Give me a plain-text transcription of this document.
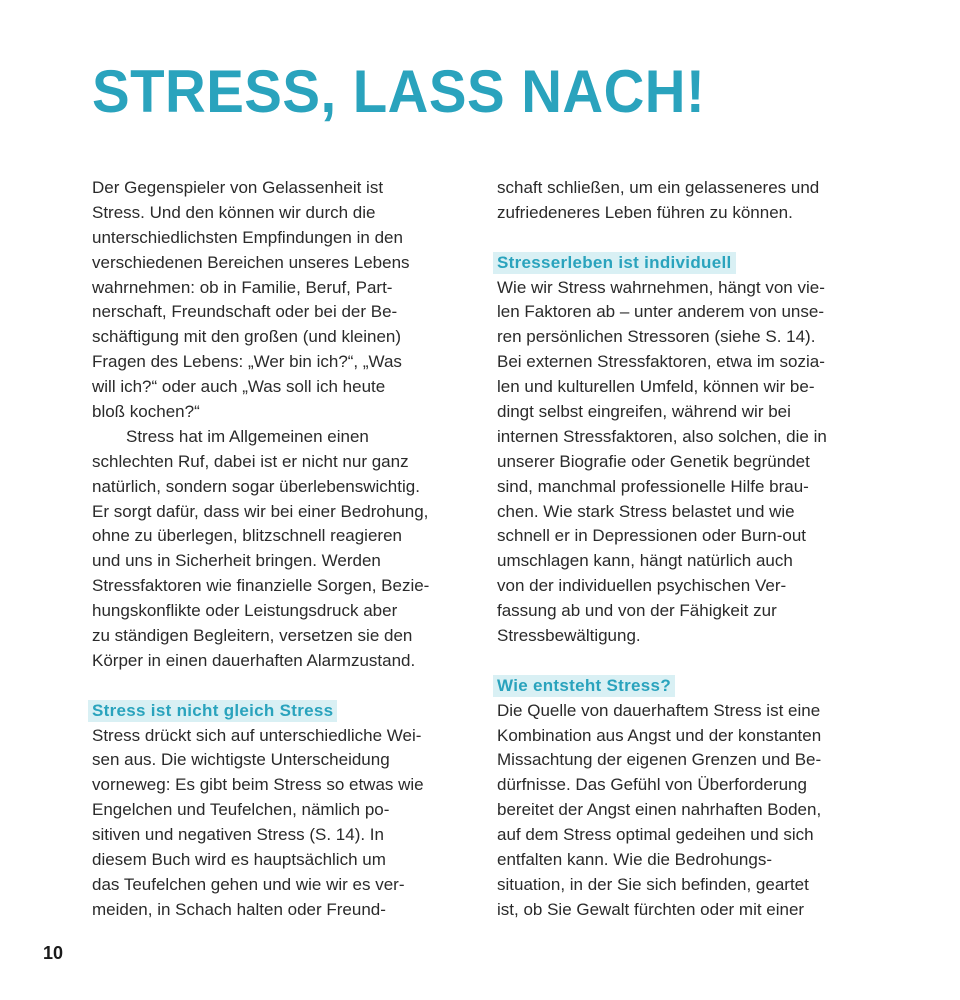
STRESS, LASS NACH!
Der Gegenspieler von Gelassenheit ist
Stress. Und den können wir durch die
unterschiedlichsten Empfindungen in den
verschiedenen Bereichen unseres Lebens
wahrnehmen: ob in Familie, Beruf, Part-
nerschaft, Freundschaft oder bei der Be-
schäftigung mit den großen (und kleinen)
Fragen des Lebens: „Wer bin ich?“, „Was
will ich?“ oder auch „Was soll ich heute
bloß kochen?“
Stress hat im Allgemeinen einen
schlechten Ruf, dabei ist er nicht nur ganz
natürlich, sondern sogar überlebenswichtig.
Er sorgt dafür, dass wir bei einer Bedrohung,
ohne zu überlegen, blitzschnell reagieren
und uns in Sicherheit bringen. Werden
Stressfaktoren wie finanzielle Sorgen, Bezie-
hungskonflikte oder Leistungsdruck aber
zu ständigen Begleitern, versetzen sie den
Körper in einen dauerhaften Alarmzustand.
Stress ist nicht gleich Stress
Stress drückt sich auf unterschiedliche Wei-
sen aus. Die wichtigste Unterscheidung
vorneweg: Es gibt beim Stress so etwas wie
Engelchen und Teufelchen, nämlich po-
sitiven und negativen Stress (S. 14). In
diesem Buch wird es hauptsächlich um
das Teufelchen gehen und wie wir es ver-
meiden, in Schach halten oder Freund-
schaft schließen, um ein gelasseneres und
zufriedeneres Leben führen zu können.
Stresserleben ist individuell
Wie wir Stress wahrnehmen, hängt von vie-
len Faktoren ab – unter anderem von unse-
ren persönlichen Stressoren (siehe S. 14).
Bei externen Stressfaktoren, etwa im sozia-
len und kulturellen Umfeld, können wir be-
dingt selbst eingreifen, während wir bei
internen Stressfaktoren, also solchen, die in
unserer Biografie oder Genetik begründet
sind, manchmal professionelle Hilfe brau-
chen. Wie stark Stress belastet und wie
schnell er in Depressionen oder Burn-out
umschlagen kann, hängt natürlich auch
von der individuellen psychischen Ver-
fassung ab und von der Fähigkeit zur
Stressbewältigung.
Wie entsteht Stress?
Die Quelle von dauerhaftem Stress ist eine
Kombination aus Angst und der konstanten
Missachtung der eigenen Grenzen und Be-
dürfnisse. Das Gefühl von Überforderung
bereitet der Angst einen nahrhaften Boden,
auf dem Stress optimal gedeihen und sich
entfalten kann. Wie die Bedrohungs-
situation, in der Sie sich befinden, geartet
ist, ob Sie Gewalt fürchten oder mit einer
10
